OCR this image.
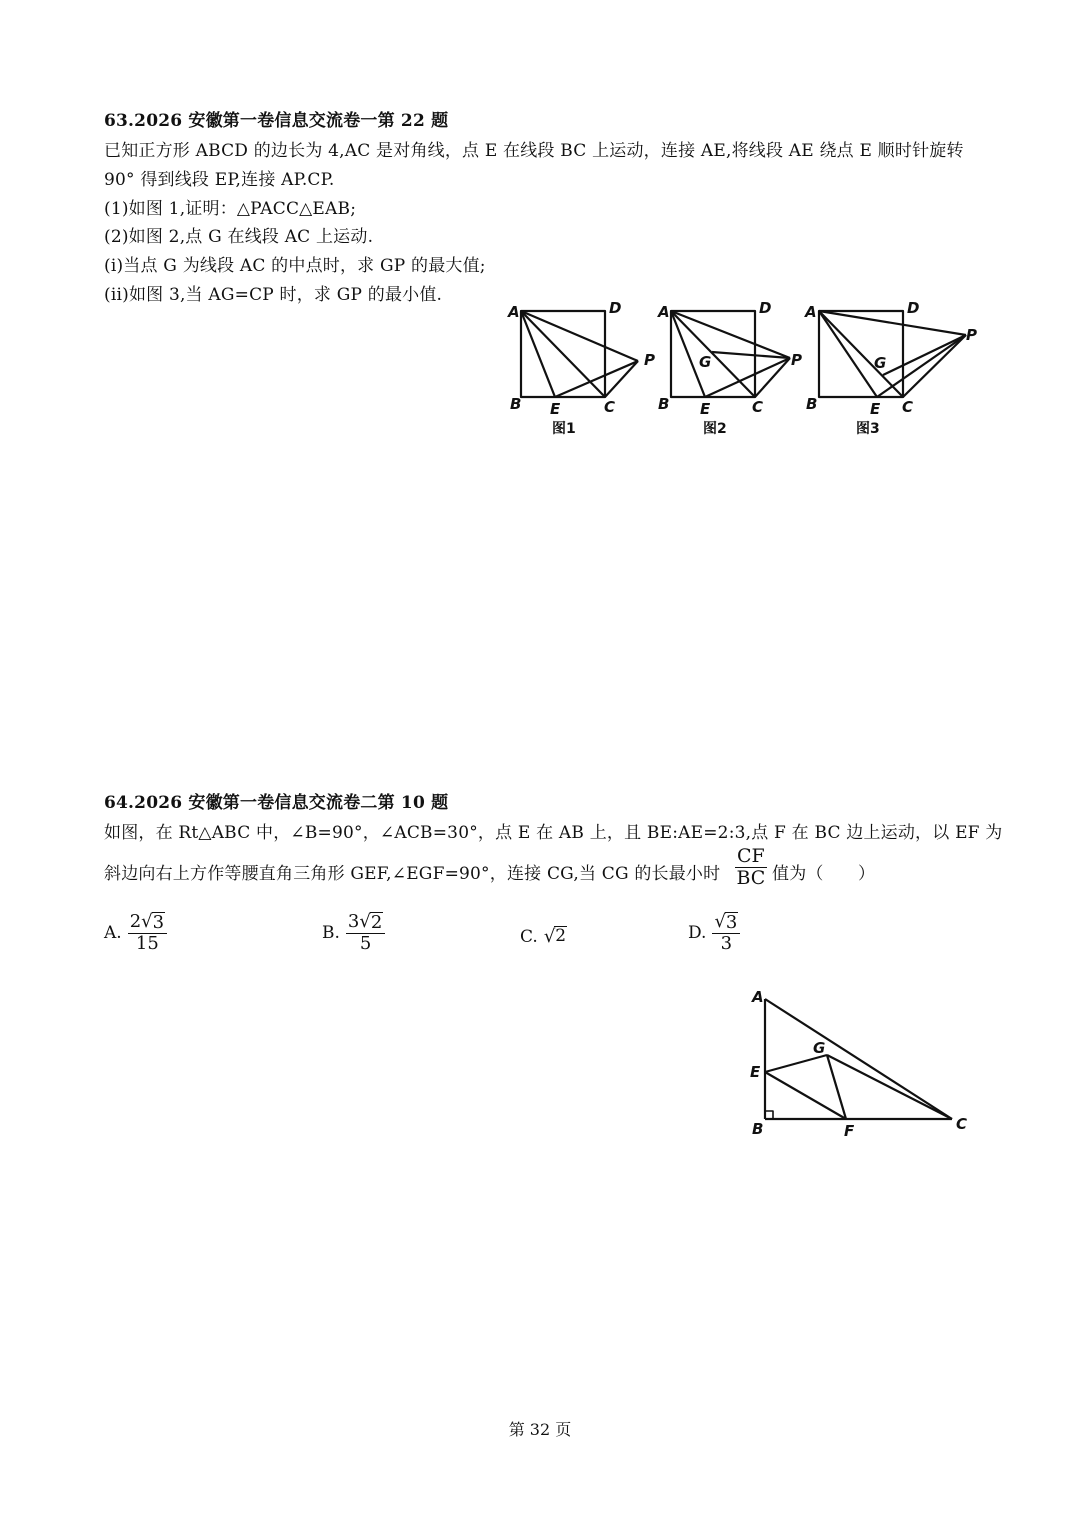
63.2026 安徽第一卷信息交流卷一第 22 题
已知正方形 ABCD 的边长为 4,AC 是对角线，点 E 在线段 BC 上运动，连接 AE,将线段 AE 绕点 E 顺时针旋转
90° 得到线段 EP,连接 AP.CP.
(1)如图 1,证明：△PACC△EAB;
(2)如图 2,点 G 在线段 AC 上运动.
(i)当点 G 为线段 AC 的中点时，求 GP 的最大值;
(ii)如图 3,当 AG=CP 时，求 GP 的最小值.
A	D
B E	C
P
A	D
B E	C
P
G
A	D
B	E C
P
G
图1	图2	图3
64.2026 安徽第一卷信息交流卷二第 10 题
如图，在 Rt△ABC 中，∠B=90°，∠ACB=30°，点 E 在 AB 上，且 BE:AE=2:3,点 F 在 BC 边上运动，以 EF 为
斜边向右上方作等腰直角三角形 GEF,∠EGF=90°，连接 CG,当 CG 的长最小时 $\frac{CF}{BC}$ 值为（　　）
A. $\frac{2 √ 3}{15}$	B. $\frac{3 √ 2}{5}$	C. √ 2	D. $\frac{√ 3}{3}$
A
E
B	F
G
C
第 32 页
